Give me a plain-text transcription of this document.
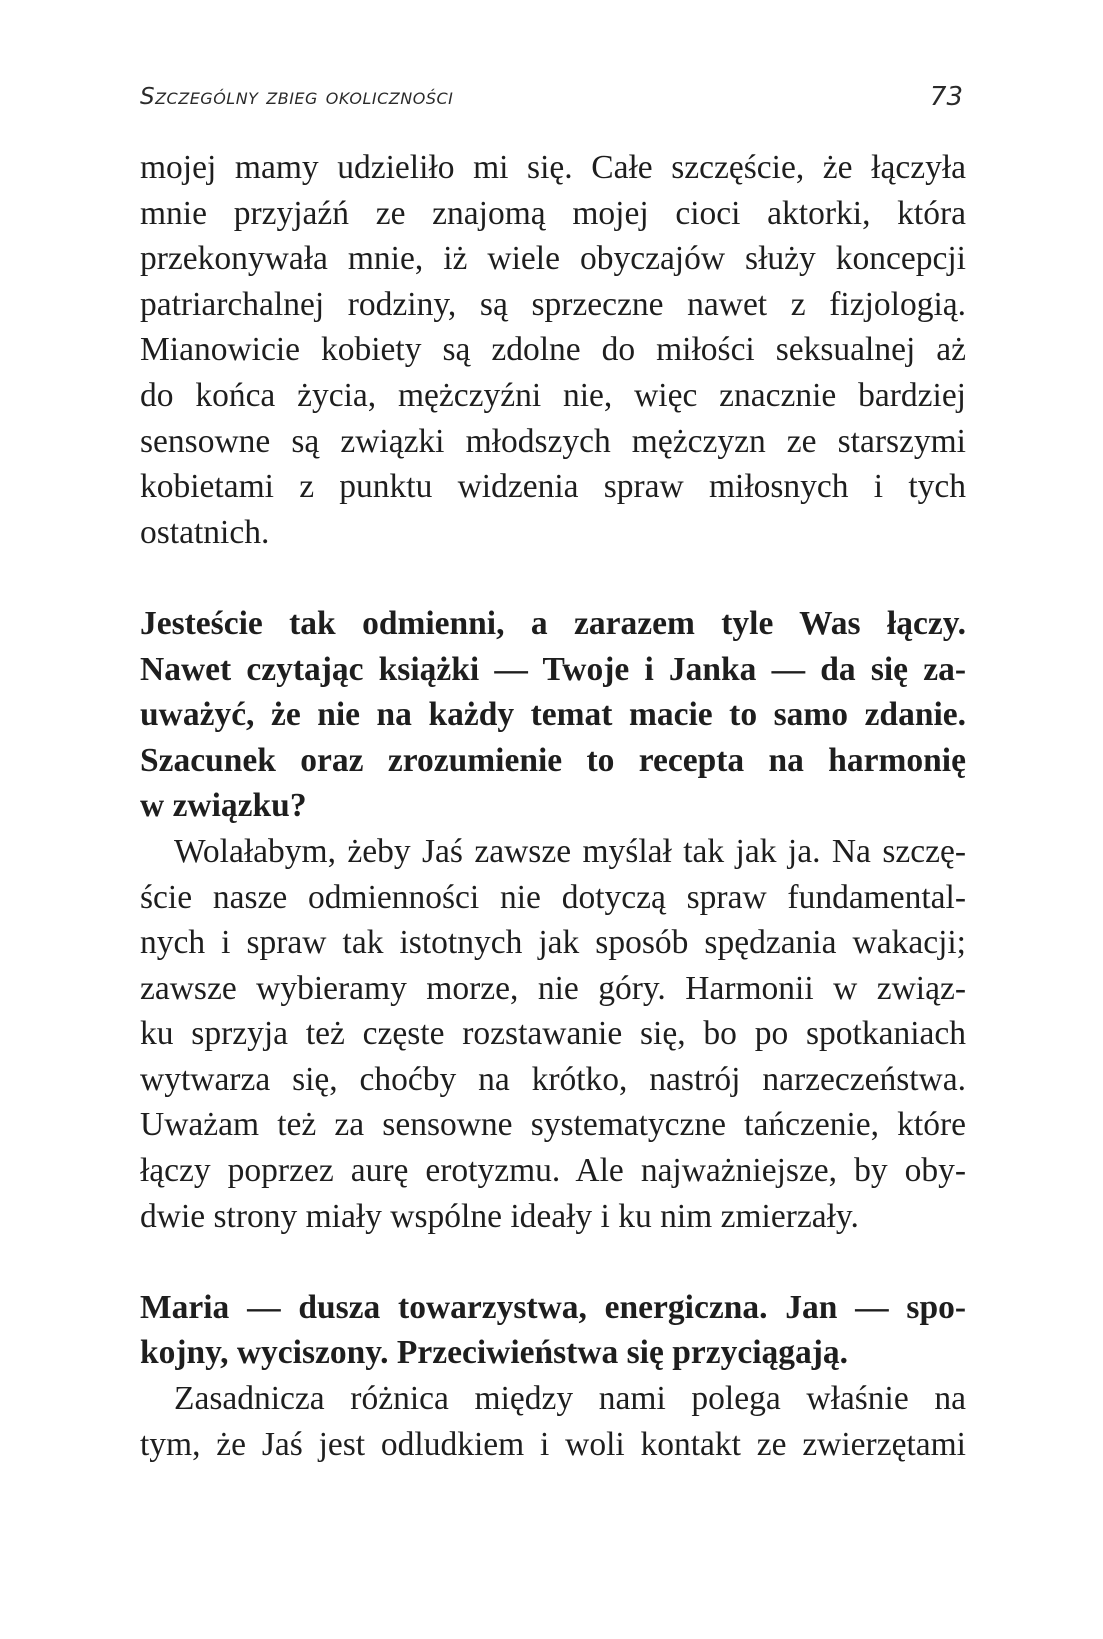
Szczególny zbieg okoliczności	73
mojej mamy udzieliło mi się. Całe szczęście, że łączyła
mnie przyjaźń ze znajomą mojej cioci aktorki, która
przekonywała mnie, iż wiele obyczajów służy koncepcji
patriarchalnej rodziny, są sprzeczne nawet z fizjologią.
Mianowicie kobiety są zdolne do miłości seksualnej aż
do końca życia, mężczyźni nie, więc znacznie bardziej
sensowne są związki młodszych mężczyzn ze starszymi
kobietami z punktu widzenia spraw miłosnych i tych
ostatnich.
Jesteście tak odmienni, a zarazem tyle Was łączy.
Nawet czytając książki — Twoje i Janka — da się za-
uważyć, że nie na każdy temat macie to samo zdanie.
Szacunek oraz zrozumienie to recepta na harmonię
w związku?
Wolałabym, żeby Jaś zawsze myślał tak jak ja. Na szczę-
ście nasze odmienności nie dotyczą spraw fundamental-
nych i spraw tak istotnych jak sposób spędzania wakacji;
zawsze wybieramy morze, nie góry. Harmonii w związ-
ku sprzyja też częste rozstawanie się, bo po spotkaniach
wytwarza się, choćby na krótko, nastrój narzeczeństwa.
Uważam też za sensowne systematyczne tańczenie, które
łączy poprzez aurę erotyzmu. Ale najważniejsze, by oby-
dwie strony miały wspólne ideały i ku nim zmierzały.
Maria — dusza towarzystwa, energiczna. Jan — spo-
kojny, wyciszony. Przeciwieństwa się przyciągają.
Zasadnicza różnica między nami polega właśnie na
tym, że Jaś jest odludkiem i woli kontakt ze zwierzętami
